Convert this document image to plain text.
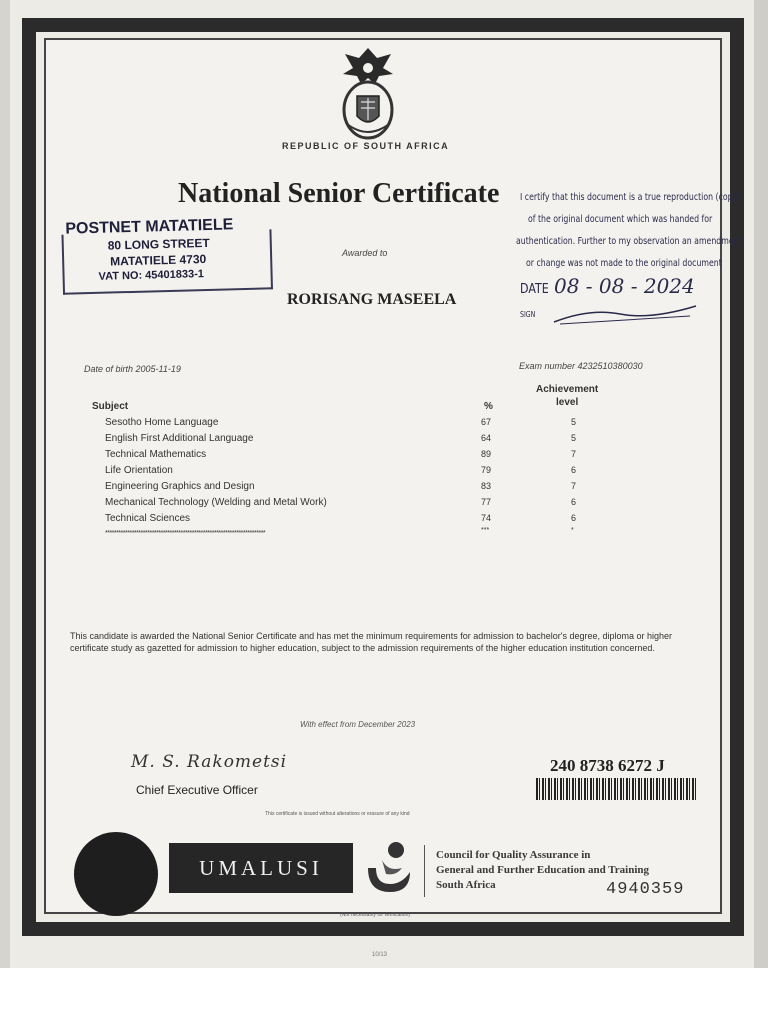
REPUBLIC OF SOUTH AFRICA
National Senior Certificate
Awarded to
RORISANG MASEELA
Date of birth 2005-11-19	Exam number 4232510380030
Achievement
level
Subject	%
Sesotho Home Language	67	5
English First Additional Language	64	5
Technical Mathematics	89	7
Life Orientation	79	6
Engineering Graphics and Design	83	7
Mechanical Technology (Welding and Metal Work)	77	6
Technical Sciences	74	6
************************************************************************	***	*
This candidate is awarded the National Senior Certificate and has met the minimum requirements for admission to bachelor's degree, diploma or higher certificate study as gazetted for admission to higher education, subject to the admission requirements of the higher education institution concerned.
With effect from December 2023
M. S. Rakometsi
Chief Executive Officer
This certificate is issued without alterations or erasure of any kind
240 8738 6272 J
UMALUSI
Council for Quality Assurance in
General and Further Education and Training
South Africa	4940359
(Not necessarily for verification)
10/13
POSTNET MATATIELE
80 LONG STREET
MATATIELE 4730
VAT NO: 45401833-1
I certify that this document is a true reproduction (copy)
of the original document which was handed for
authentication. Further to my observation an amendment
or change was not made to the original document
DATE 08 - 08 - 2024
SIGN
